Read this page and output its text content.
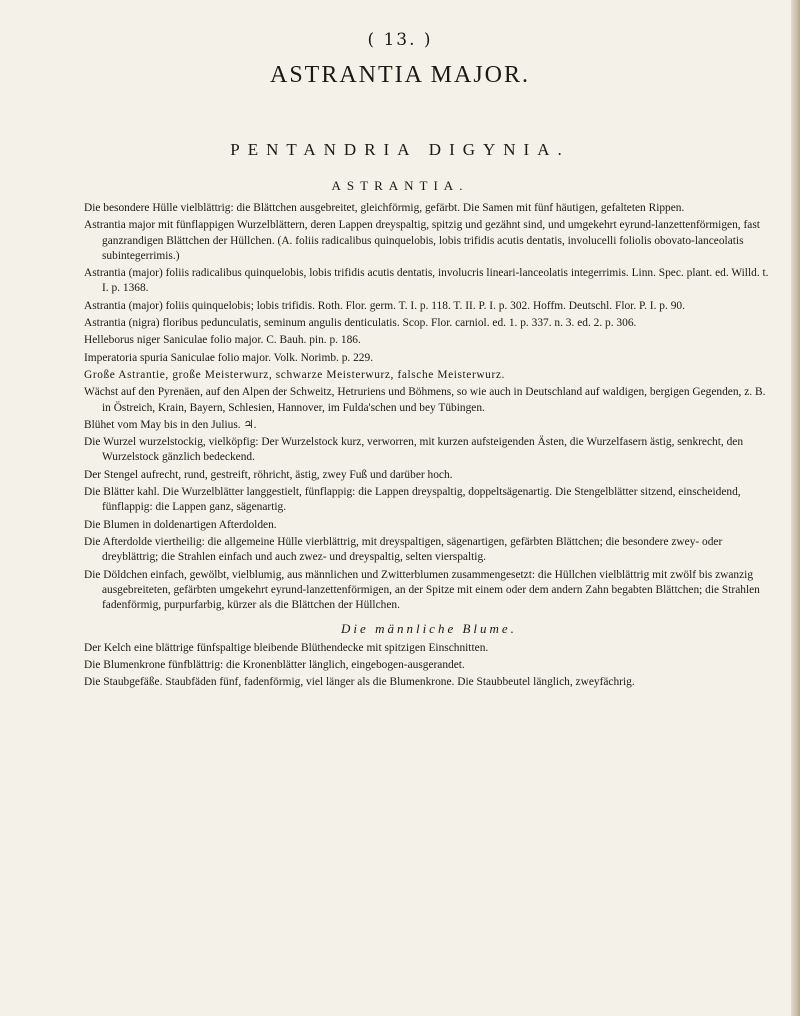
( 13. )
ASTRANTIA MAJOR.
PENTANDRIA DIGYNIA.
ASTRANTIA.

Die besondere Hülle vielblättrig: die Blättchen ausgebreitet, gleichförmig, gefärbt. Die Samen mit fünf häutigen, gefalteten Rippen.

Astrantia major mit fünflappigen Wurzelblättern, deren Lappen dreyspaltig, spitzig und gezähnt sind, und umgekehrt eyrund-lanzettenförmigen, fast ganzrandigen Blättchen der Hüllchen. (A. foliis radicalibus quinquelobis, lobis trifidis acutis dentatis, involucelli foliolis obovato-lanceolatis subintegerrimis.)

Astrantia (major) foliis radicalibus quinquelobis, lobis trifidis acutis dentatis, involucris lineari-lanceolatis integerrimis. Linn. Spec. plant. ed. Willd. t. I. p. 1368.

Astrantia (major) foliis quinquelobis; lobis trifidis. Roth. Flor. germ. T. I. p. 118. T. II. P. I. p. 302. Hoffm. Deutschl. Flor. P. I. p. 90.

Astrantia (nigra) floribus pedunculatis, seminum angulis denticulatis. Scop. Flor. carniol. ed. 1. p. 337. n. 3. ed. 2. p. 306.

Helleborus niger Saniculae folio major. C. Bauh. pin. p. 186.

Imperatoria spuria Saniculae folio major. Volk. Norimb. p. 229.

Große Astrantie, große Meisterwurz, schwarze Meisterwurz, falsche Meisterwurz.

Wächst auf den Pyrenäen, auf den Alpen der Schweitz, Hetruriens und Böhmens, so wie auch in Deutschland auf waldigen, bergigen Gegenden, z. B. in Östreich, Krain, Bayern, Schlesien, Hannover, im Fulda'schen und bey Tübingen.

Blühet vom May bis in den Julius. ♃.

Die Wurzel wurzelstockig, vielköpfig: Der Wurzelstock kurz, verworren, mit kurzen aufsteigenden Ästen, die Wurzelfasern ästig, senkrecht, den Wurzelstock gänzlich bedeckend.

Der Stengel aufrecht, rund, gestreift, röhricht, ästig, zwey Fuß und darüber hoch.

Die Blätter kahl. Die Wurzelblätter langgestielt, fünflappig: die Lappen dreyspaltig, doppeltsägenartig. Die Stengelblätter sitzend, einscheidend, fünflappig: die Lappen ganz, sägenartig.

Die Blumen in doldenartigen Afterdolden.

Die Afterdolde viertheilig: die allgemeine Hülle vierblättrig, mit dreyspaltigen, sägenartigen, gefärbten Blättchen; die besondere zwey- oder dreyblättrig; die Strahlen einfach und auch zwez- und dreyspaltig, selten vierspaltig.

Die Döldchen einfach, gewölbt, vielblumig, aus männlichen und Zwitterblumen zusammengesetzt: die Hüllchen vielblättrig mit zwölf bis zwanzig ausgebreiteten, gefärbten umgekehrt eyrund-lanzettenförmigen, an der Spitze mit einem oder dem andern Zahn begabten Blättchen; die Strahlen fadenförmig, purpurfarbig, kürzer als die Blättchen der Hüllchen.

Die männliche Blume.

Der Kelch eine blättrige fünfspaltige bleibende Blüthendecke mit spitzigen Einschnitten.

Die Blumenkrone fünfblättrig: die Kronenblätter länglich, eingebogen-ausgerandet.

Die Staubgefäße. Staubfäden fünf, fadenförmig, viel länger als die Blumenkrone. Die Staubbeutel länglich, zweyfächrig.
